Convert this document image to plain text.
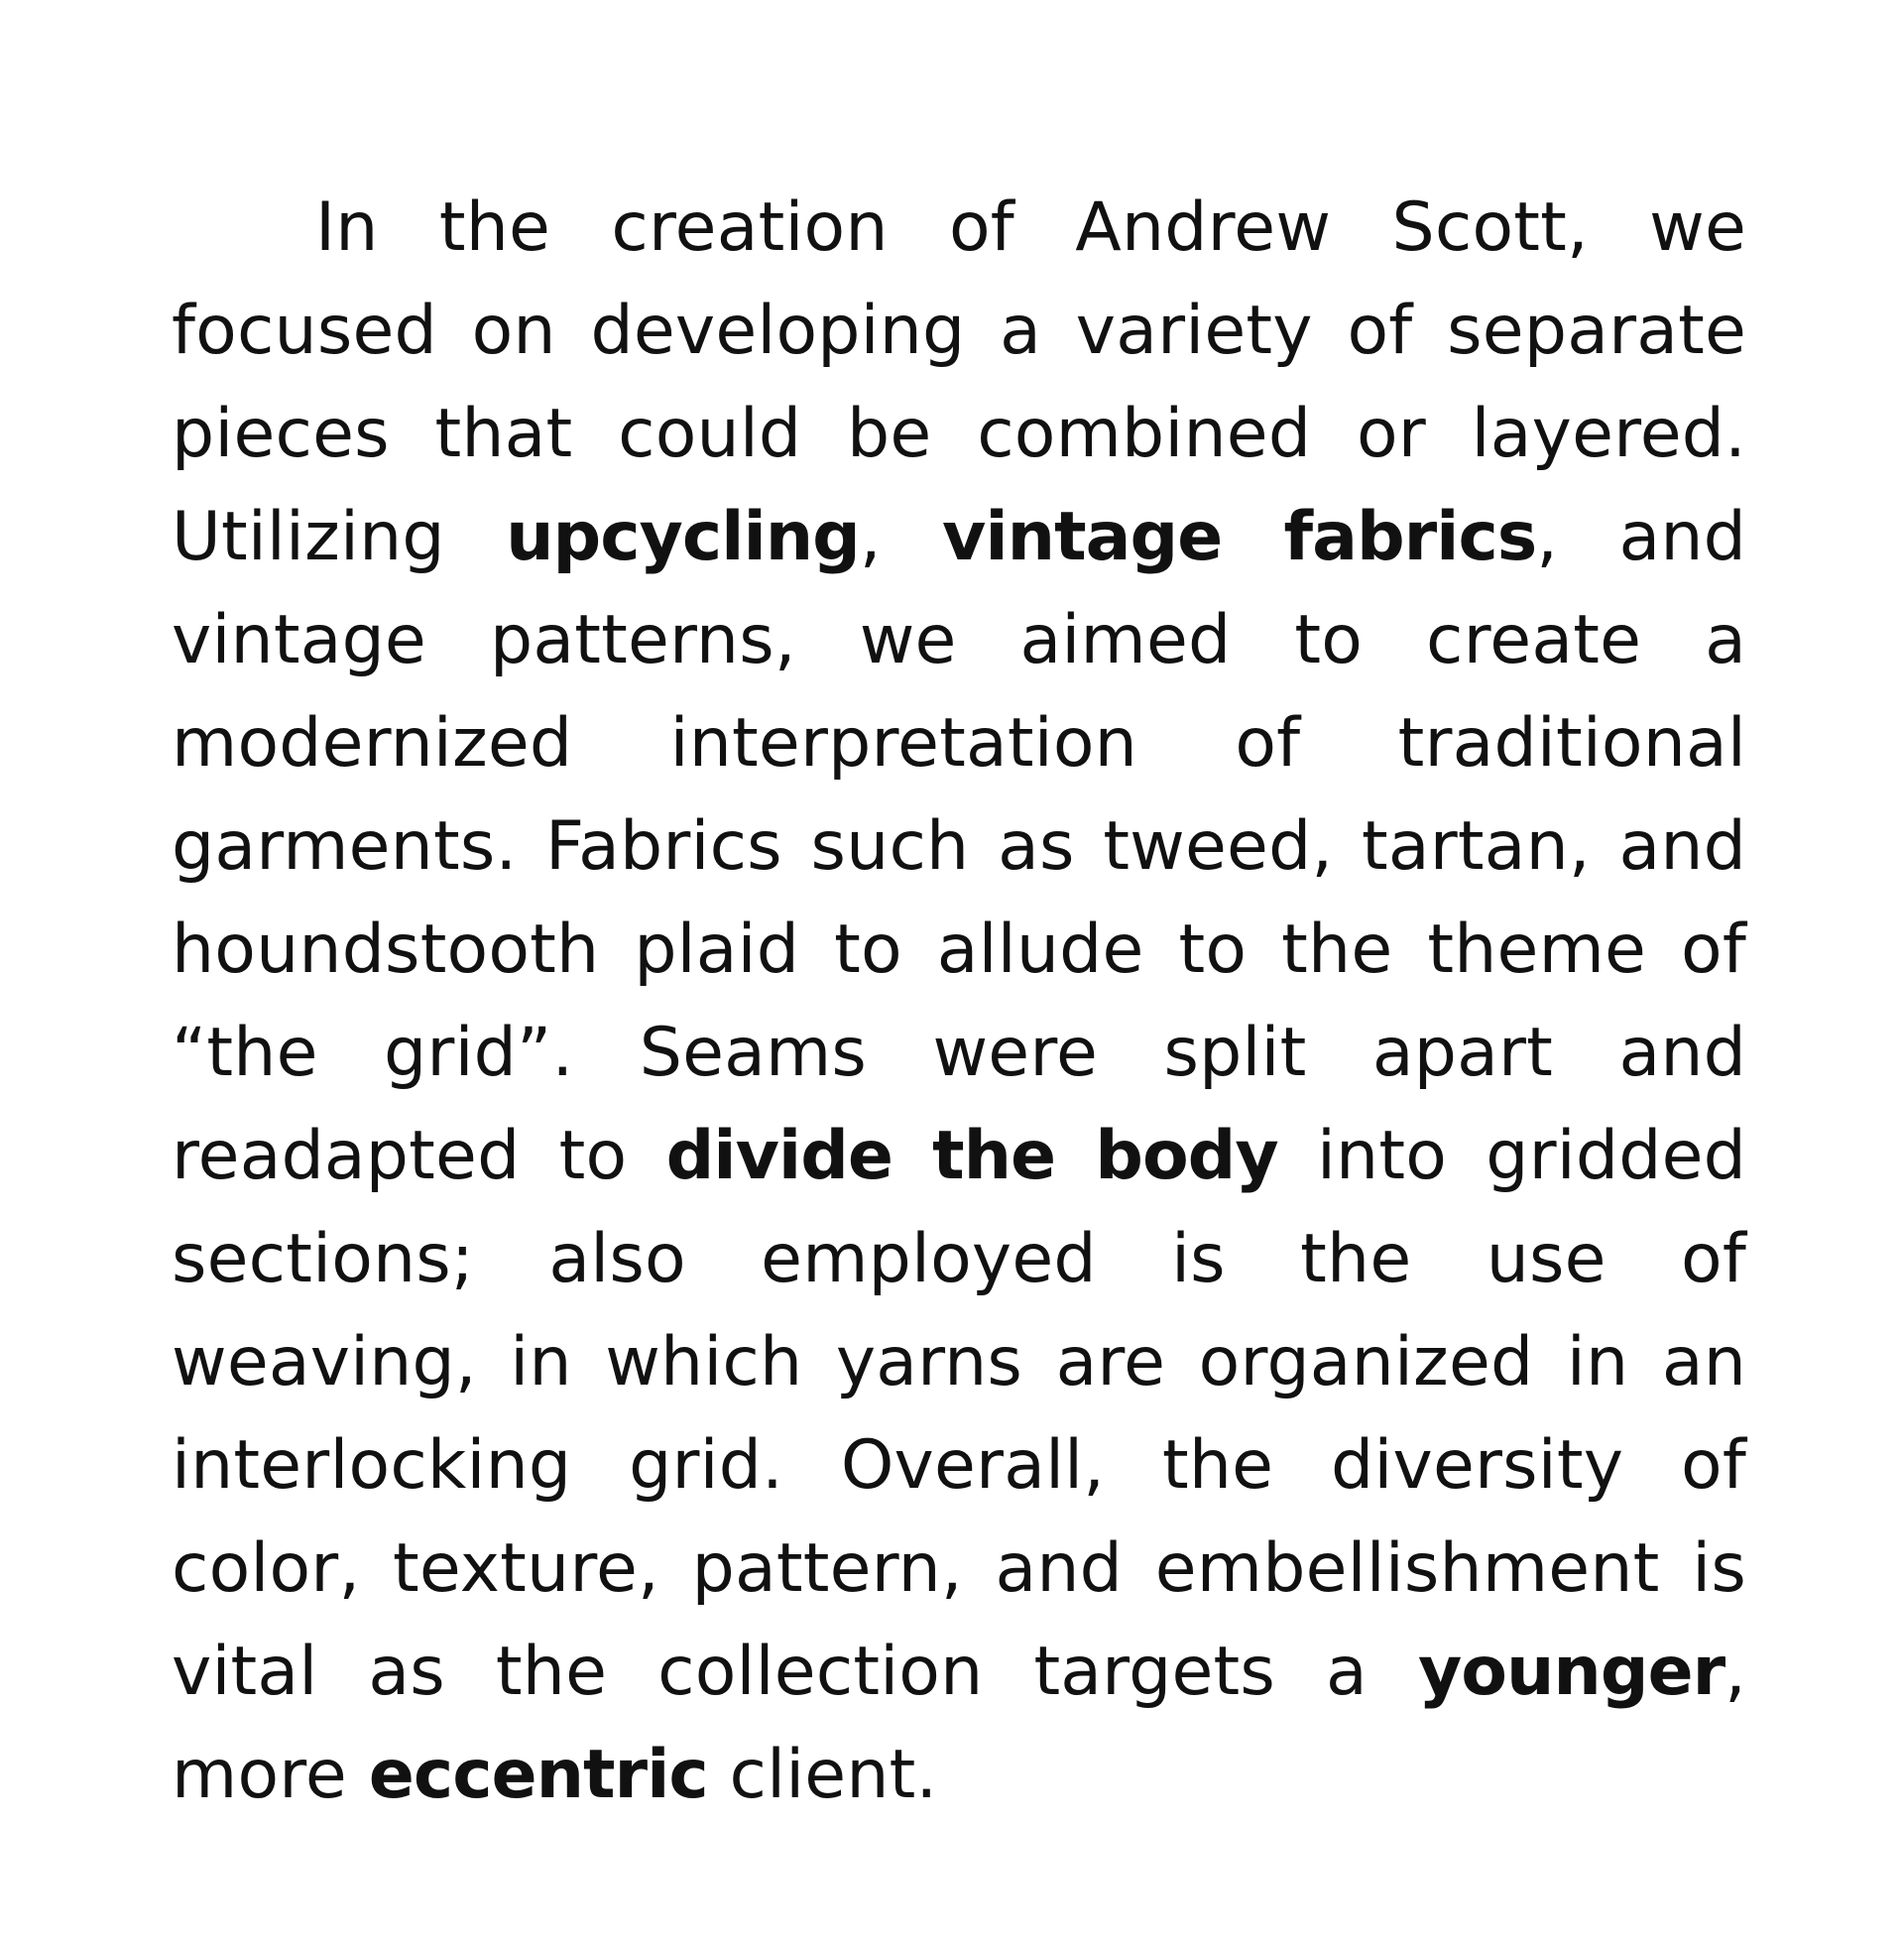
In the creation of Andrew Scott, we focused on developing a variety of separate pieces that could be combined or layered. Utilizing upcycling, vintage fabrics, and vintage patterns, we aimed to create a modernized interpretation of traditional garments. Fabrics such as tweed, tartan, and houndstooth plaid to allude to the theme of “the grid”. Seams were split apart and readapted to divide the body into gridded sections; also employed is the use of weaving, in which yarns are organized in an interlocking grid. Overall, the diversity of color, texture, pattern, and embellishment is vital as the collection targets a younger, more eccentric client.
